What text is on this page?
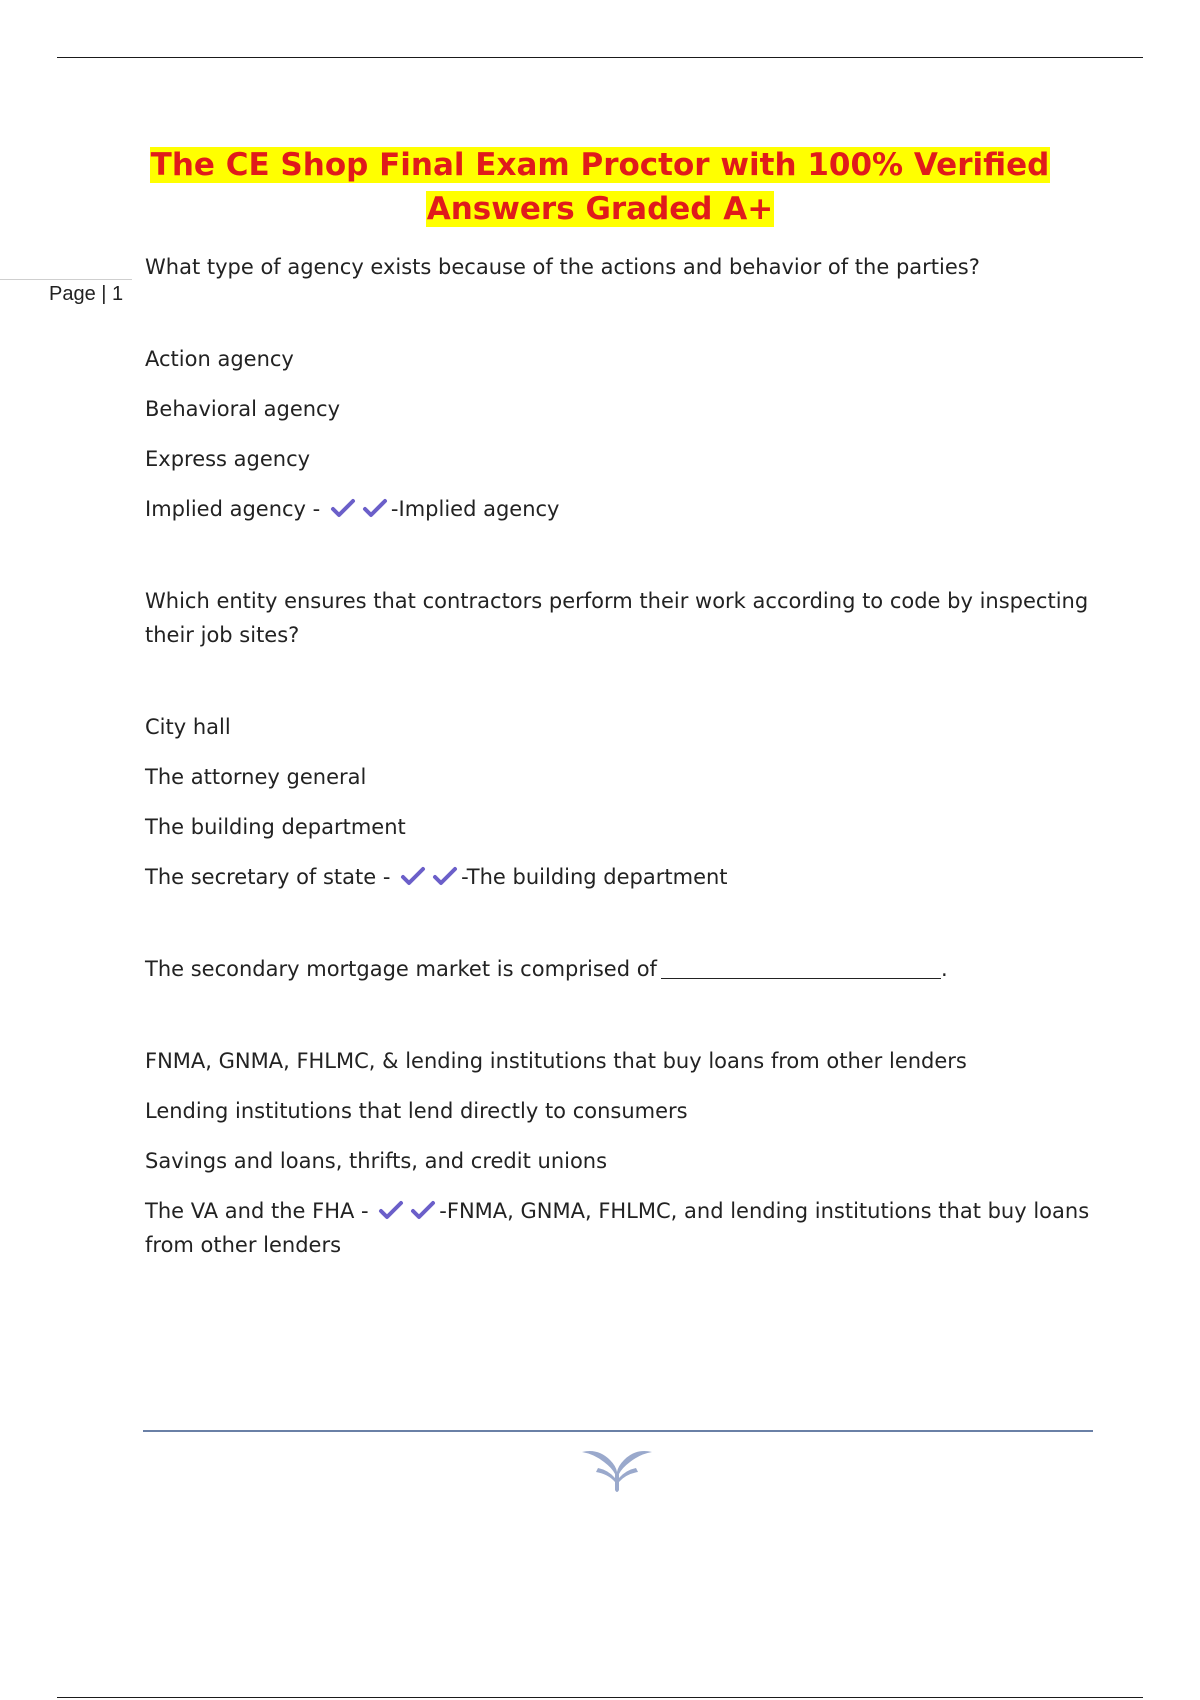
The CE Shop Final Exam Proctor with 100% Verified
Answers Graded A+
Page | 1
What type of agency exists because of the actions and behavior of the parties?
Action agency
Behavioral agency
Express agency
Implied agency -	-Implied agency
Which entity ensures that contractors perform their work according to code by inspecting their job sites?
City hall
The attorney general
The building department
The secretary of state -	-The building department
The secondary mortgage market is comprised of	.
FNMA, GNMA, FHLMC, & lending institutions that buy loans from other lenders
Lending institutions that lend directly to consumers
Savings and loans, thrifts, and credit unions
The VA and the FHA -	-FNMA, GNMA, FHLMC, and lending institutions that buy loans from other lenders
